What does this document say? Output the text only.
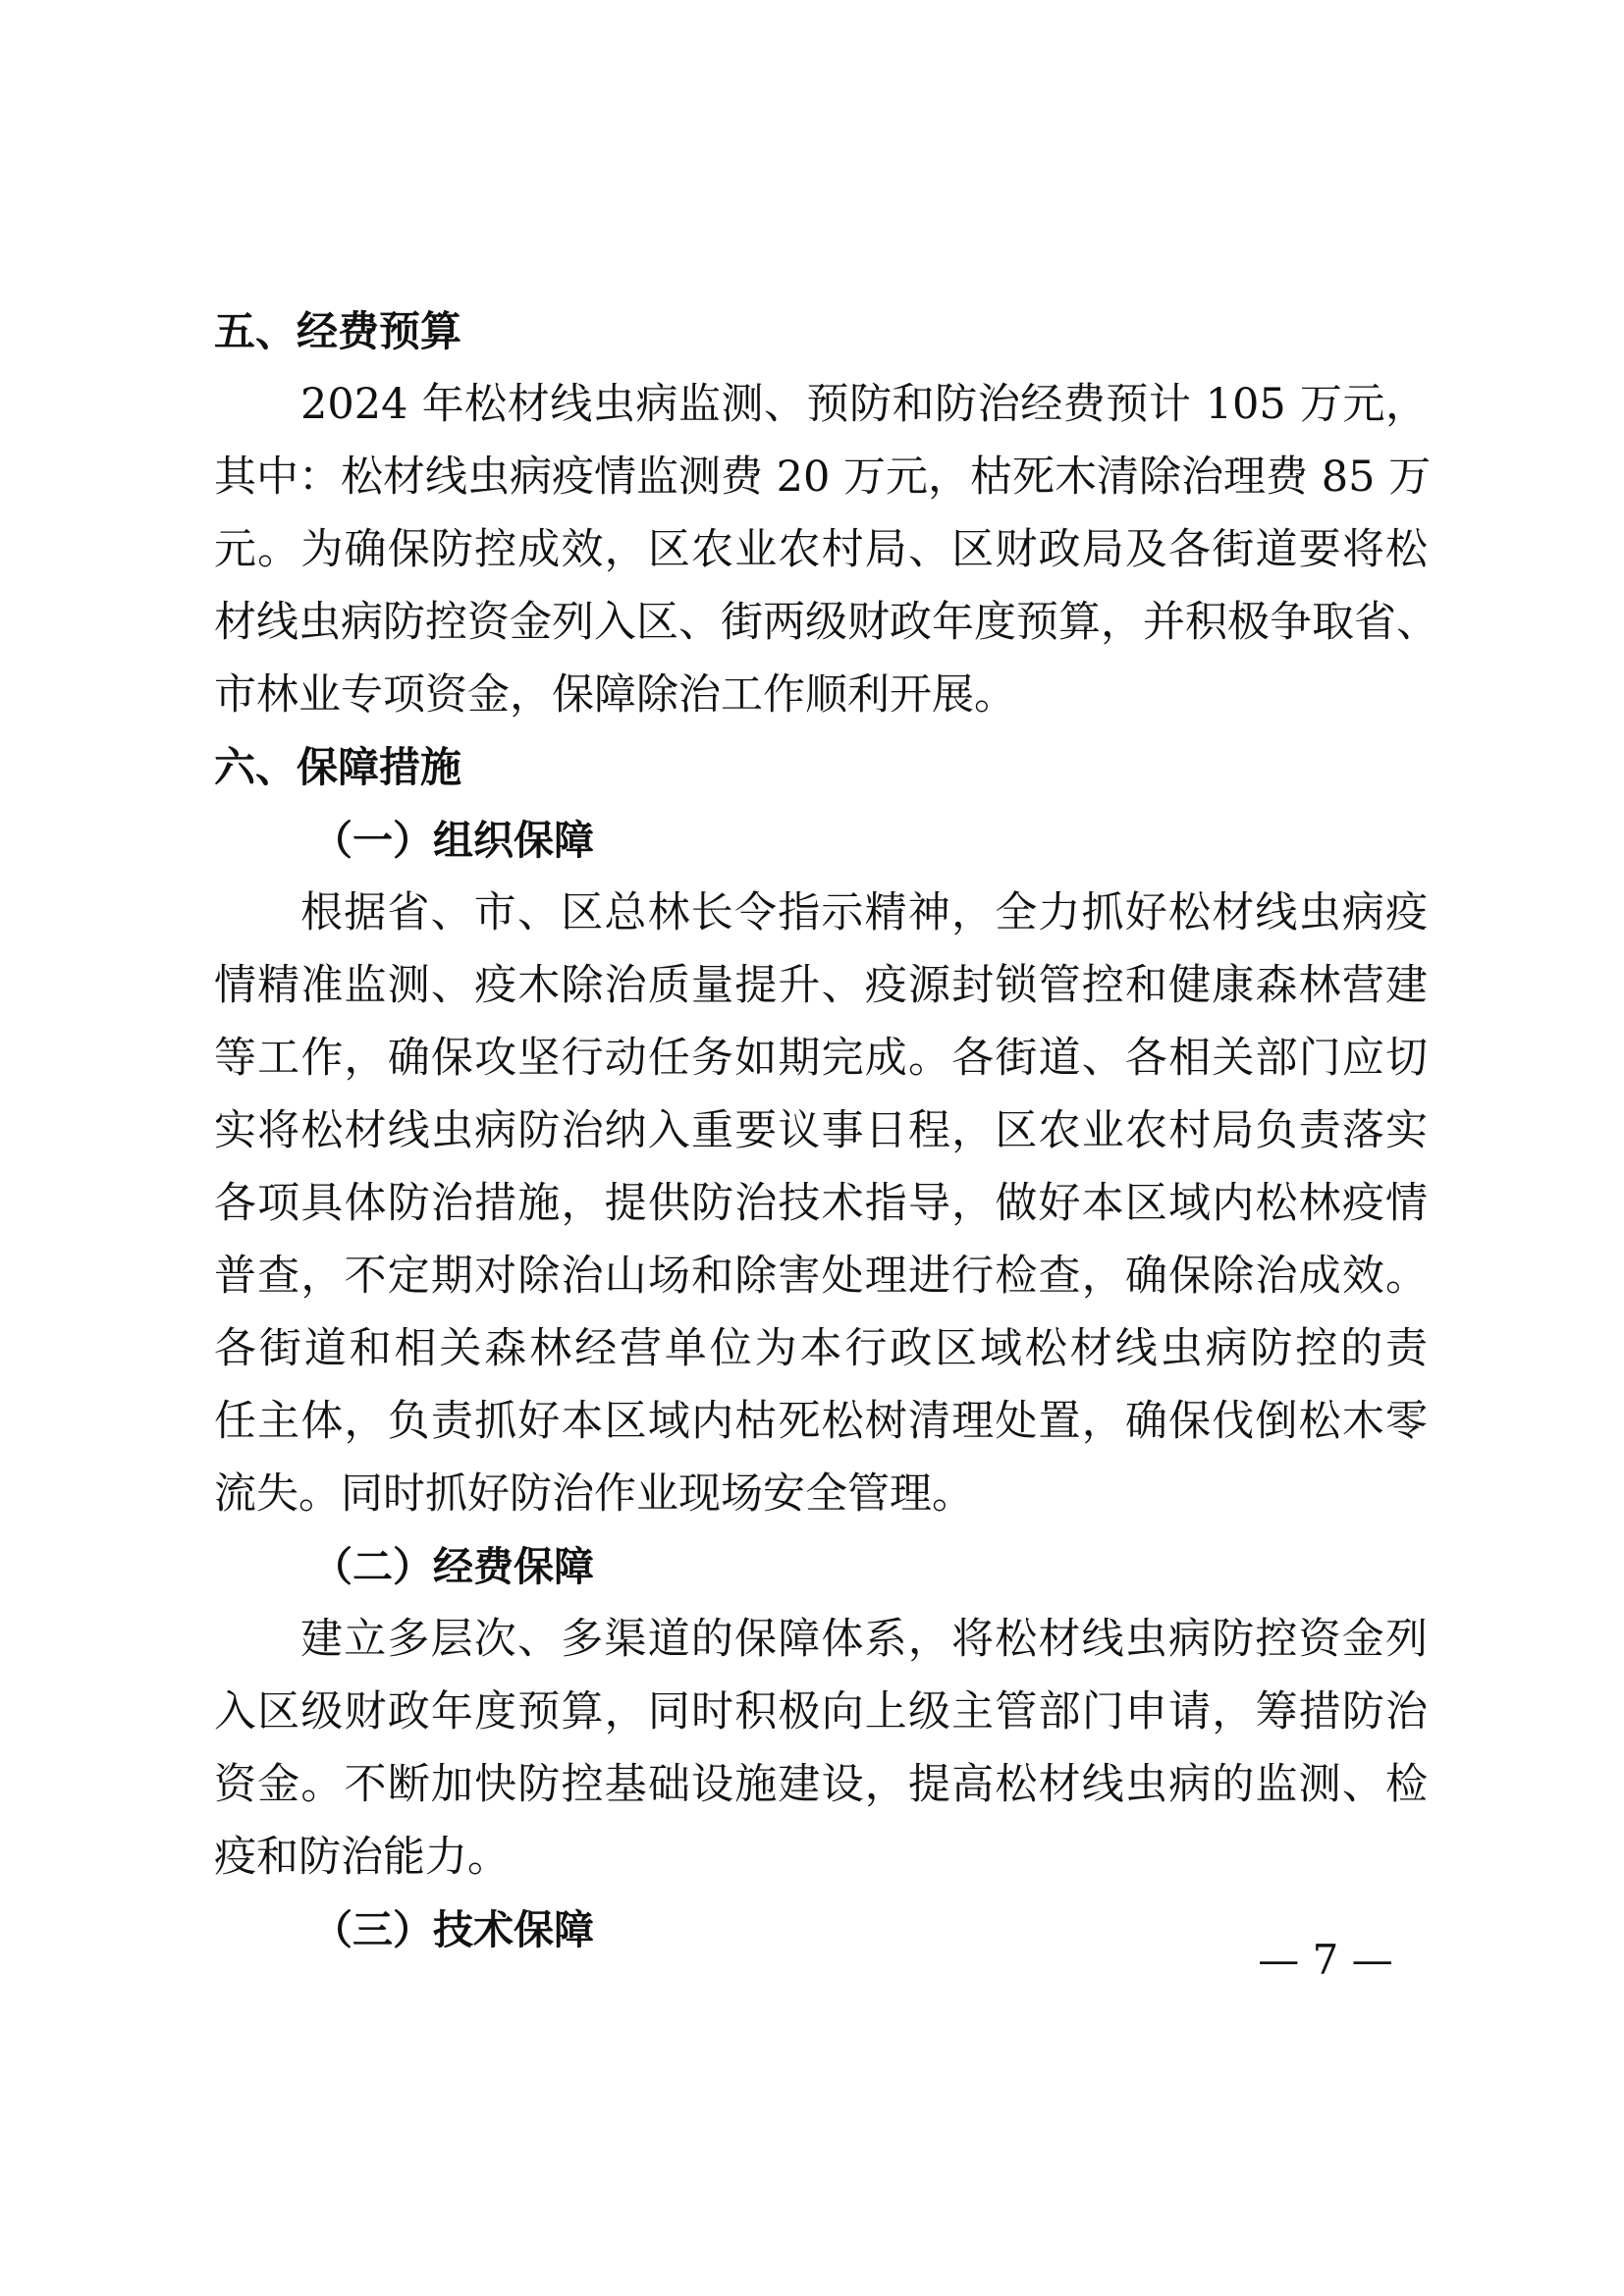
五、经费预算
2024 年松材线虫病监测、预防和防治经费预计 105 万元，
其中：松材线虫病疫情监测费 20 万元，枯死木清除治理费 85 万
元。为确保防控成效，区农业农村局、区财政局及各街道要将松
材线虫病防控资金列入区、街两级财政年度预算，并积极争取省、
市林业专项资金，保障除治工作顺利开展。
六、保障措施
（一）组织保障
根据省、市、区总林长令指示精神，全力抓好松材线虫病疫
情精准监测、疫木除治质量提升、疫源封锁管控和健康森林营建
等工作，确保攻坚行动任务如期完成。各街道、各相关部门应切
实将松材线虫病防治纳入重要议事日程，区农业农村局负责落实
各项具体防治措施，提供防治技术指导，做好本区域内松林疫情
普查，不定期对除治山场和除害处理进行检查，确保除治成效。
各街道和相关森林经营单位为本行政区域松材线虫病防控的责
任主体，负责抓好本区域内枯死松树清理处置，确保伐倒松木零
流失。同时抓好防治作业现场安全管理。
（二）经费保障
建立多层次、多渠道的保障体系，将松材线虫病防控资金列
入区级财政年度预算，同时积极向上级主管部门申请，筹措防治
资金。不断加快防控基础设施建设，提高松材线虫病的监测、检
疫和防治能力。
（三）技术保障
— 7 —
